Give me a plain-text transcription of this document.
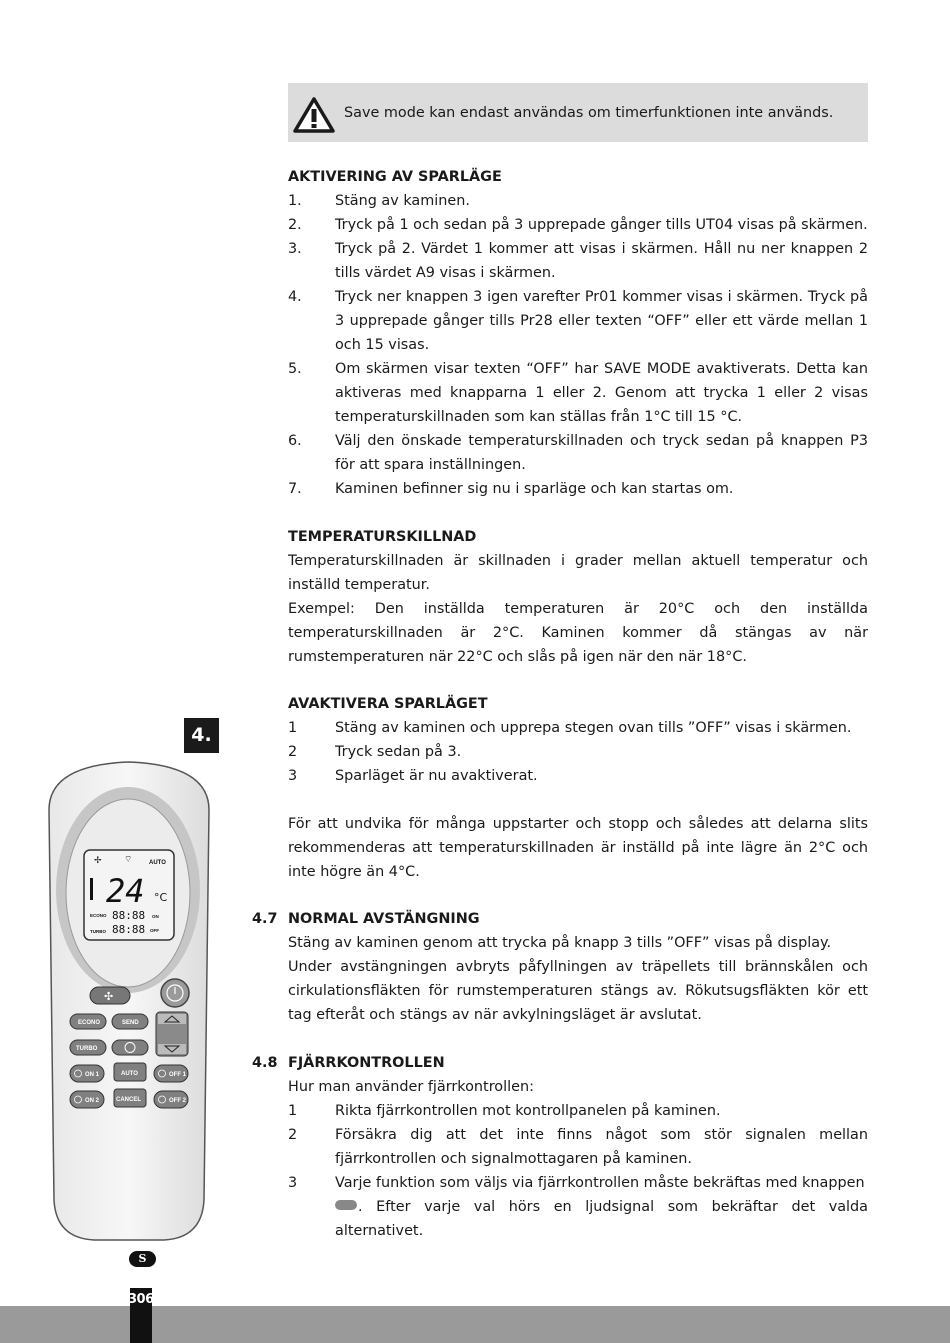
Save mode kan endast användas om timerfunktionen inte används.
AKTIVERING AV SPARLÄGE
1. Stäng av kaminen.
2. Tryck på 1 och sedan på 3 upprepade gånger tills UT04 visas på skärmen.
3. Tryck på 2. Värdet 1 kommer att visas i skärmen. Håll nu ner knappen 2 tills värdet A9 visas i skärmen.
4. Tryck ner knappen 3 igen varefter Pr01 kommer visas i skärmen. Tryck på 3 upprepade gånger tills Pr28 eller texten “OFF” eller ett värde mellan 1 och 15 visas.
5. Om skärmen visar texten “OFF” har SAVE MODE avaktiverats. Detta kan aktiveras med knapparna 1 eller 2. Genom att trycka 1 eller 2 visas temperaturskillnaden som kan ställas från 1°C till 15 °C.
6. Välj den önskade temperaturskillnaden och tryck sedan på knappen P3 för att spara inställningen.
7. Kaminen befinner sig nu i sparläge och kan startas om.
TEMPERATURSKILLNAD

Temperaturskillnaden är skillnaden i grader mellan aktuell temperatur och inställd temperatur.

Exempel: Den inställda temperaturen är 20°C och den inställda temperaturskillnaden är 2°C. Kaminen kommer då stängas av när rumstemperaturen när 22°C och slås på igen när den när 18°C.

4.
AVAKTIVERA SPARLÄGET
1	Stäng av kaminen och upprepa stegen ovan tills ”OFF” visas i skärmen.
2	Tryck sedan på 3.
3	Sparläget är nu avaktiverat.

För att undvika för många uppstarter och stopp och således att delarna slits rekommenderas att temperaturskillnaden är inställd på inte lägre än 2°C och inte högre än 4°C.

4.7 NORMAL AVSTÄNGNING

Stäng av kaminen genom att trycka på knapp 3 tills ”OFF” visas på display.

Under avstängningen avbryts påfyllningen av träpellets till brännskålen och cirkulationsfläkten för rumstemperaturen stängs av. Rökutsugsfläkten kör ett tag efteråt och stängs av när avkylningsläget är avslutat.

4.8 FJÄRRKONTROLLEN

Hur man använder fjärrkontrollen:

1	Rikta fjärrkontrollen mot kontrollpanelen på kaminen.
2	Försäkra dig att det inte finns något som stör signalen mellan fjärrkontrollen och signalmottagaren på kaminen.
3	Varje funktion som väljs via fjärrkontrollen måste bekräftas med knappen
. Efter varje val hörs en ljudsignal som bekräftar det valda alternativet.
✢ ⌔	AUTO
24 °C
ECONO 88:88 ON
TURBO 88:88 OFF
✣
ECONO	SEND
TURBO
ON 1	AUTO	OFF 1
ON 2	CANCEL	OFF 2
S
306
